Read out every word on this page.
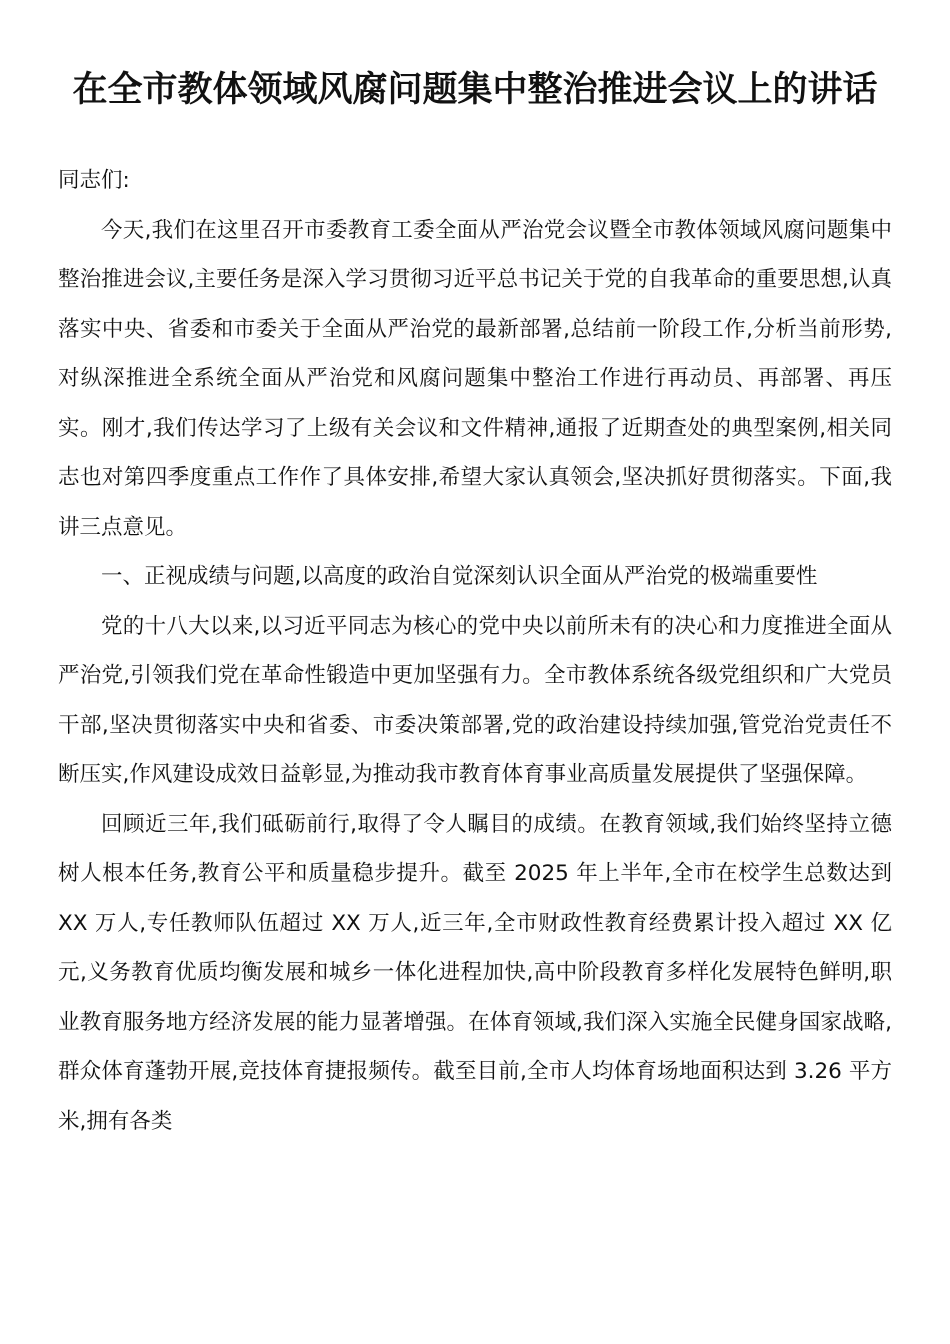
在全市教体领域风腐问题集中整治推进会议上的讲话

同志们:

今天,我们在这里召开市委教育工委全面从严治党会议暨全市教体领域风腐问题集中整治推进会议,主要任务是深入学习贯彻习近平总书记关于党的自我革命的重要思想,认真落实中央、省委和市委关于全面从严治党的最新部署,总结前一阶段工作,分析当前形势,对纵深推进全系统全面从严治党和风腐问题集中整治工作进行再动员、再部署、再压实。刚才,我们传达学习了上级有关会议和文件精神,通报了近期查处的典型案例,相关同志也对第四季度重点工作作了具体安排,希望大家认真领会,坚决抓好贯彻落实。下面,我讲三点意见。

一、正视成绩与问题,以高度的政治自觉深刻认识全面从严治党的极端重要性

党的十八大以来,以习近平同志为核心的党中央以前所未有的决心和力度推进全面从严治党,引领我们党在革命性锻造中更加坚强有力。全市教体系统各级党组织和广大党员干部,坚决贯彻落实中央和省委、市委决策部署,党的政治建设持续加强,管党治党责任不断压实,作风建设成效日益彰显,为推动我市教育体育事业高质量发展提供了坚强保障。

回顾近三年,我们砥砺前行,取得了令人瞩目的成绩。在教育领域,我们始终坚持立德树人根本任务,教育公平和质量稳步提升。截至 2025 年上半年,全市在校学生总数达到 XX 万人,专任教师队伍超过 XX 万人,近三年,全市财政性教育经费累计投入超过 XX 亿元,义务教育优质均衡发展和城乡一体化进程加快,高中阶段教育多样化发展特色鲜明,职业教育服务地方经济发展的能力显著增强。在体育领域,我们深入实施全民健身国家战略,群众体育蓬勃开展,竞技体育捷报频传。截至目前,全市人均体育场地面积达到 3.26 平方米,拥有各类
